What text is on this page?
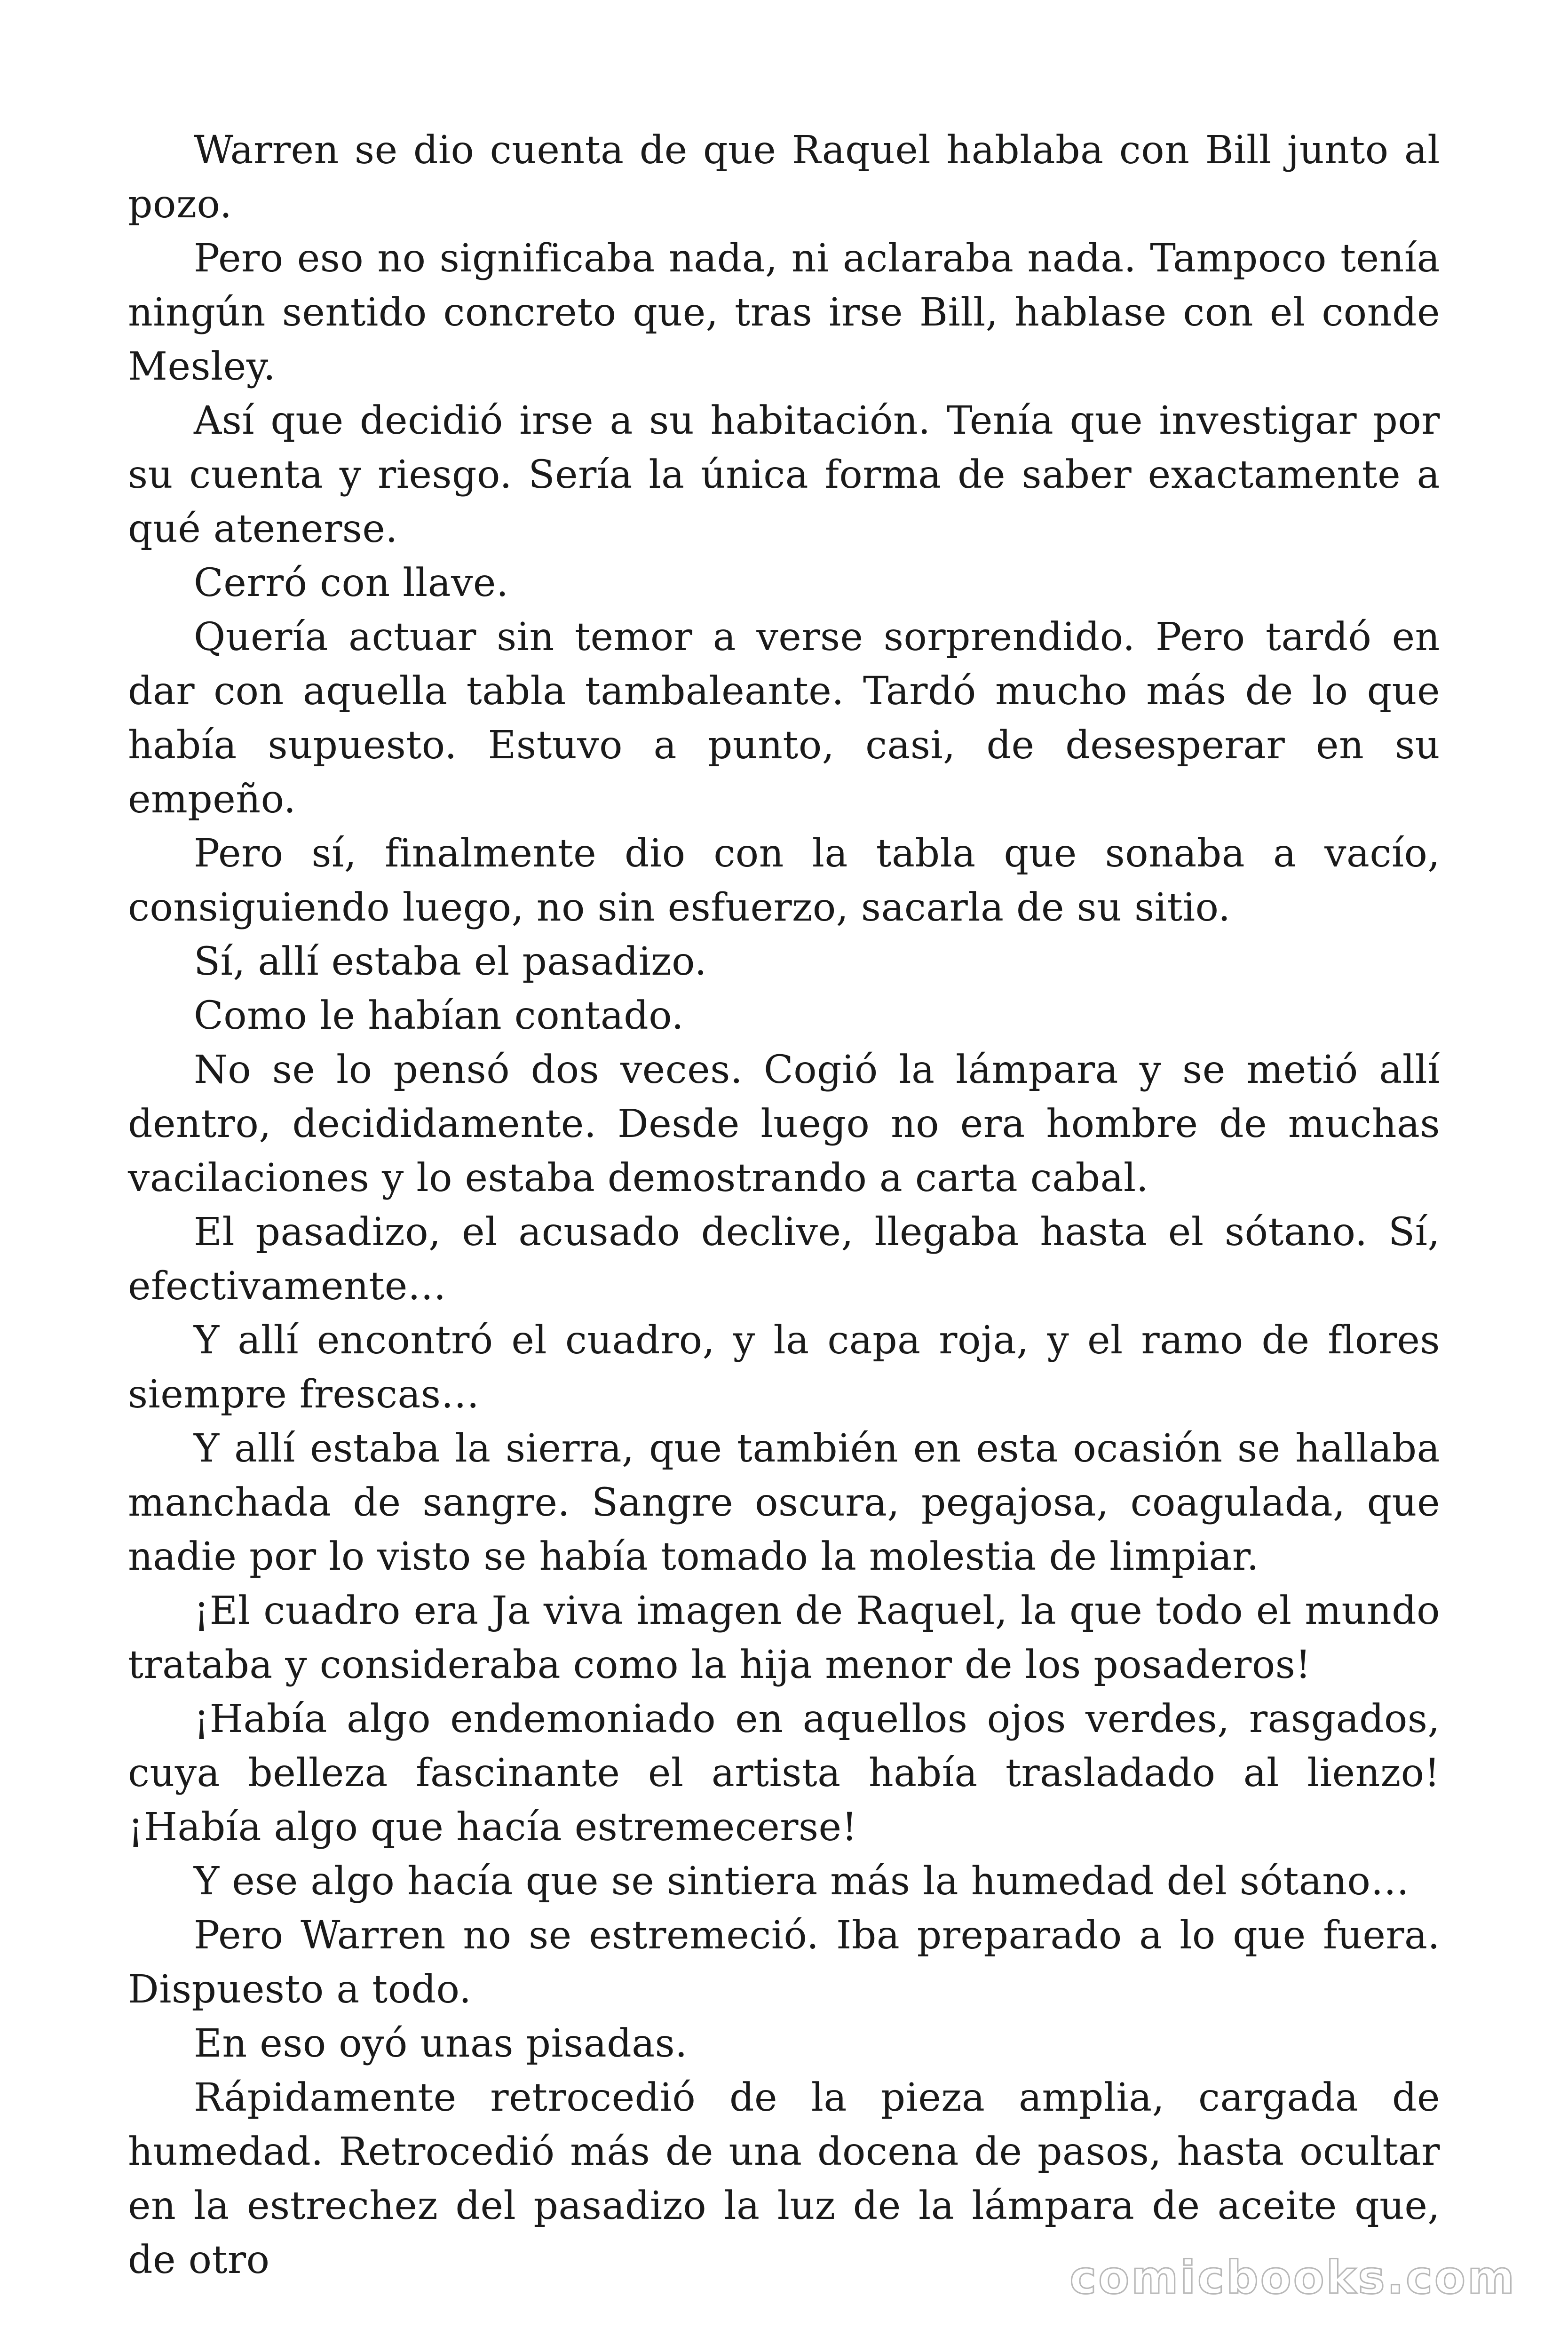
Warren se dio cuenta de que Raquel hablaba con Bill junto al pozo.

Pero eso no significaba nada, ni aclaraba nada. Tampoco tenía ningún sentido concreto que, tras irse Bill, hablase con el conde Mesley.

Así que decidió irse a su habitación. Tenía que investigar por su cuenta y riesgo. Sería la única forma de saber exactamente a qué atenerse.

Cerró con llave.

Quería actuar sin temor a verse sorprendido. Pero tardó en dar con aquella tabla tambaleante. Tardó mucho más de lo que había supuesto. Estuvo a punto, casi, de desesperar en su empeño.

Pero sí, finalmente dio con la tabla que sonaba a vacío, consiguiendo luego, no sin esfuerzo, sacarla de su sitio.

Sí, allí estaba el pasadizo.

Como le habían contado.

No se lo pensó dos veces. Cogió la lámpara y se metió allí dentro, decididamente. Desde luego no era hombre de muchas vacilaciones y lo estaba demostrando a carta cabal.

El pasadizo, el acusado declive, llegaba hasta el sótano. Sí, efectivamente…

Y allí encontró el cuadro, y la capa roja, y el ramo de flores siempre frescas…

Y allí estaba la sierra, que también en esta ocasión se hallaba manchada de sangre. Sangre oscura, pegajosa, coagulada, que nadie por lo visto se había tomado la molestia de limpiar.

¡El cuadro era Ja viva imagen de Raquel, la que todo el mundo trataba y consideraba como la hija menor de los posaderos!

¡Había algo endemoniado en aquellos ojos verdes, rasgados, cuya belleza fascinante el artista había trasladado al lienzo! ¡Había algo que hacía estremecerse!

Y ese algo hacía que se sintiera más la humedad del sótano…

Pero Warren no se estremeció. Iba preparado a lo que fuera. Dispuesto a todo.

En eso oyó unas pisadas.

Rápidamente retrocedió de la pieza amplia, cargada de humedad. Retrocedió más de una docena de pasos, hasta ocultar en la estrechez del pasadizo la luz de la lámpara de aceite que, de otro	comicbooks.com
